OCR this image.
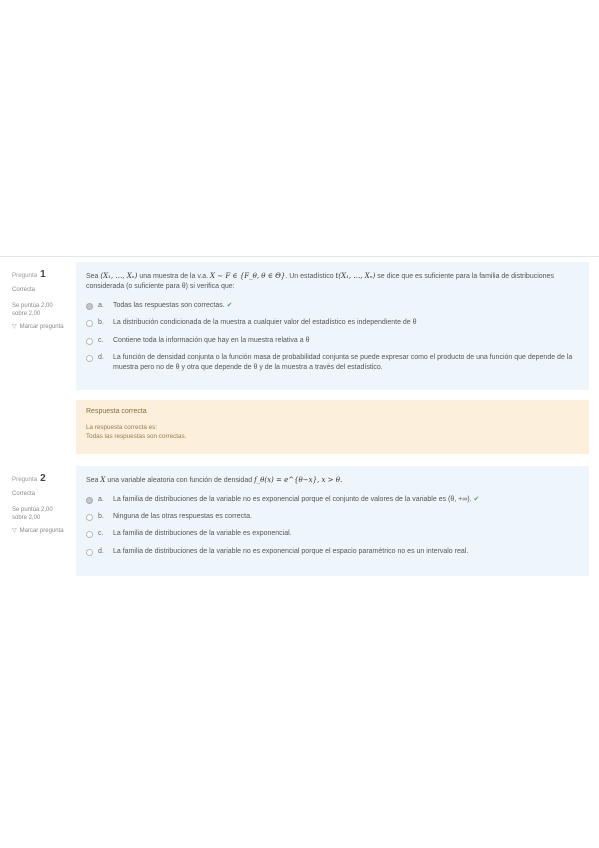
Pregunta 1
Correcta
Se puntúa 2,00 sobre 2,00
▽ Marcar pregunta
Sea (X₁, …, Xₙ) una muestra de la v.a. X ∼ F ∈ {F_θ, θ ∈ Θ}. Un estadístico t(X₁, …, Xₙ) se dice que es suficiente para la familia de distribuciones considerada (o suficiente para θ) si verifica que:
a.	Todas las respuestas son correctas. ✔
b.	La distribución condicionada de la muestra a cualquier valor del estadístico es independiente de θ
c.	Contiene toda la información que hay en la muestra relativa a θ
d.	La función de densidad conjunta o la función masa de probabilidad conjunta se puede expresar como el producto de una función que depende de la muestra pero no de θ y otra que depende de θ y de la muestra a través del estadístico.
Respuesta correcta
La respuesta correcta es:
Todas las respuestas son correctas.
Pregunta 2
Correcta
Se puntúa 2,00 sobre 2,00
▽ Marcar pregunta
Sea X una variable aleatoria con función de densidad f_θ(x) = e^{θ−x}, x > θ.
a.	La familia de distribuciones de la variable no es exponencial porque el conjunto de valores de la variable es (θ, +∞). ✔
b.	Ninguna de las otras respuestas es correcta.
c.	La familia de distribuciones de la variable es exponencial.
d.	La familia de distribuciones de la variable no es exponencial porque el espacio paramétrico no es un intervalo real.
